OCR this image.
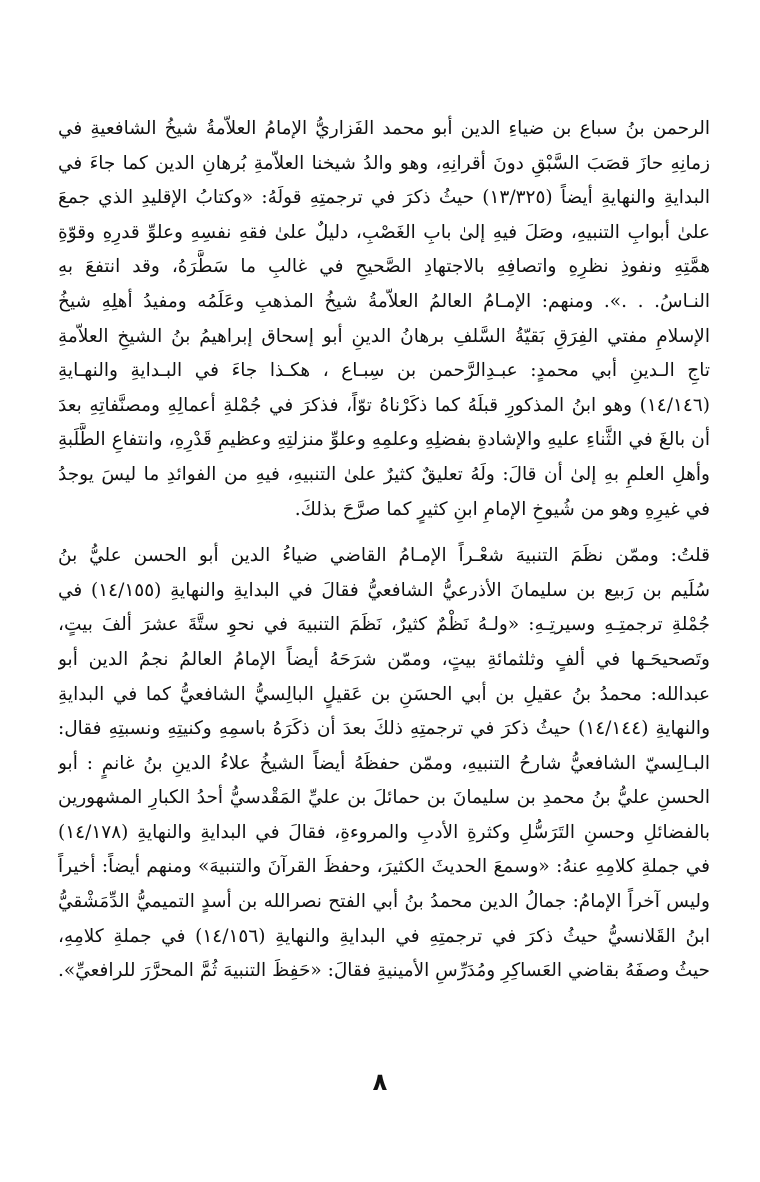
الرحمن بنُ سباع بن ضياءِ الدين أبو محمد الفَزاريُّ الإمامُ العلاّمةُ شيخُ الشافعيةِ في
زمانِهِ حازَ قصَبَ السَّبْقِ دونَ أقرانِهِ، وهو والدُ شيخنا العلاّمةِ بُرهانِ الدين كما جاءَ في
البدايةِ والنهايةِ أيضاً (١٣/٣٢٥) حيثُ ذكرَ في ترجمتِهِ قولَهُ: «وكتابُ الإقليدِ الذي جمعَ
علىٰ أبوابِ التنبيهِ، وصَلَ فيهِ إلىٰ بابِ الغَصْبِ، دليلٌ علىٰ فقهِ نفسِهِ وعلوِّ قدرِهِ وقوّةِ
همَّتِهِ ونفوذِ نظرِهِ واتصافِهِ بالاجتهادِ الصَّحيحِ في غالبِ ما سَطَّرَهُ، وقد انتفعَ بهِ
النـاسُ. . .». ومنهم: الإمـامُ العالمُ العلاّمةُ شيخُ المذهبِ وعَلَمُه ومفيدُ أهلِهِ شيخُ
الإسلامِ مفتي الفِرَقِ بَقيّةُ السَّلفِ برهانُ الدينِ أبو إسحاق إبراهيمُ بنُ الشيخِ العلاّمةِ
تاجِ الـدينِ أبي محمدٍ: عبـدِالرَّحمن بن سِبـاع ، هكـذا جاءَ في البـدايةِ والنهـايةِ
(١٤/١٤٦) وهو ابنُ المذكورِ قبلَهُ كما ذكَرْناهُ توّاً، فذكرَ في جُمْلةِ أعمالِهِ ومصنَّفاتِهِ بعدَ
أن بالغَ في الثَّناءِ عليهِ والإشادةِ بفضلِهِ وعلمِهِ وعلوِّ منزلتِهِ وعظيمِ قَدْرِهِ، وانتفاعِ الطَّلَبةِ
وأهلِ العلمِ بهِ إلىٰ أن قالَ: ولَهُ تعليقٌ كثيرٌ علىٰ التنبيهِ، فيهِ من الفوائدِ ما ليسَ يوجدُ
في غيرِهِ وهو من شُيوخِ الإمامِ ابنِ كثيرٍ كما صرَّحَ بذلكَ.
قلتُ: وممّن نظَمَ التنبيهَ شعْـراً الإمـامُ القاضي ضياءُ الدين أبو الحسن عليُّ بنُ
سُلَيم بن رَبيع بن سليمانَ الأذرعيُّ الشافعيُّ فقالَ في البدايةِ والنهايةِ (١٤/١٥٥) في
جُمْلةِ ترجمتِـهِ وسيرتِـهِ: «ولـهُ نَظْمٌ كثيرٌ، نَظَمَ التنبيهَ في نحوِ ستَّةَ عشرَ ألفَ بيتٍ،
وتَصحيحَـها في ألفٍ وثلثمائةِ بيتٍ، وممّن شرَحَهُ أيضاً الإمامُ العالمُ نجمُ الدين أبو
عبدالله: محمدُ بنُ عقيلِ بن أبي الحسَنِ بن عَقيلٍ البالِسيُّ الشافعيُّ كما في البدايةِ
والنهايةِ (١٤/١٤٤) حيثُ ذكرَ في ترجمتِهِ ذلكَ بعدَ أن ذكَرَهُ باسمِهِ وكنيتِهِ ونسبتِهِ فقال:
البـالِسيّ الشافعيُّ شارحُ التنبيهِ، وممّن حفظَهُ أيضاً الشيخُ علاءُ الدينِ بنُ غانمٍ : أبو
الحسنِ عليُّ بنُ محمدِ بن سليمانَ بن حمائلَ بن عليِّ المَقْدسيُّ أحدُ الكبارِ المشهورين
بالفضائلِ وحسنِ التَرَسُّلِ وكثرةِ الأدبِ والمروءةِ، فقالَ في البدايةِ والنهايةِ (١٤/١٧٨)
في جملةِ كلامِهِ عنهُ: «وسمعَ الحديثَ الكثيرَ، وحفظَ القرآنَ والتنبيهَ» ومنهم أيضاً: أخيراً
وليس آخراً الإمامُ: جمالُ الدين محمدُ بنُ أبي الفتح نصرالله بن أسدٍ التميميُّ الدِّمَشْقيُّ
ابنُ القَلانسيُّ حيثُ ذكرَ في ترجمتِهِ في البدايةِ والنهايةِ (١٤/١٥٦) في جملةِ كلامِهِ،
حيثُ وصفَهُ بقاضي العَساكِرِ ومُدَرِّسِ الأمينيةِ فقالَ: «حَفِظَ التنبيهَ ثُمَّ المحرَّرَ للرافعيِّ».
٨
